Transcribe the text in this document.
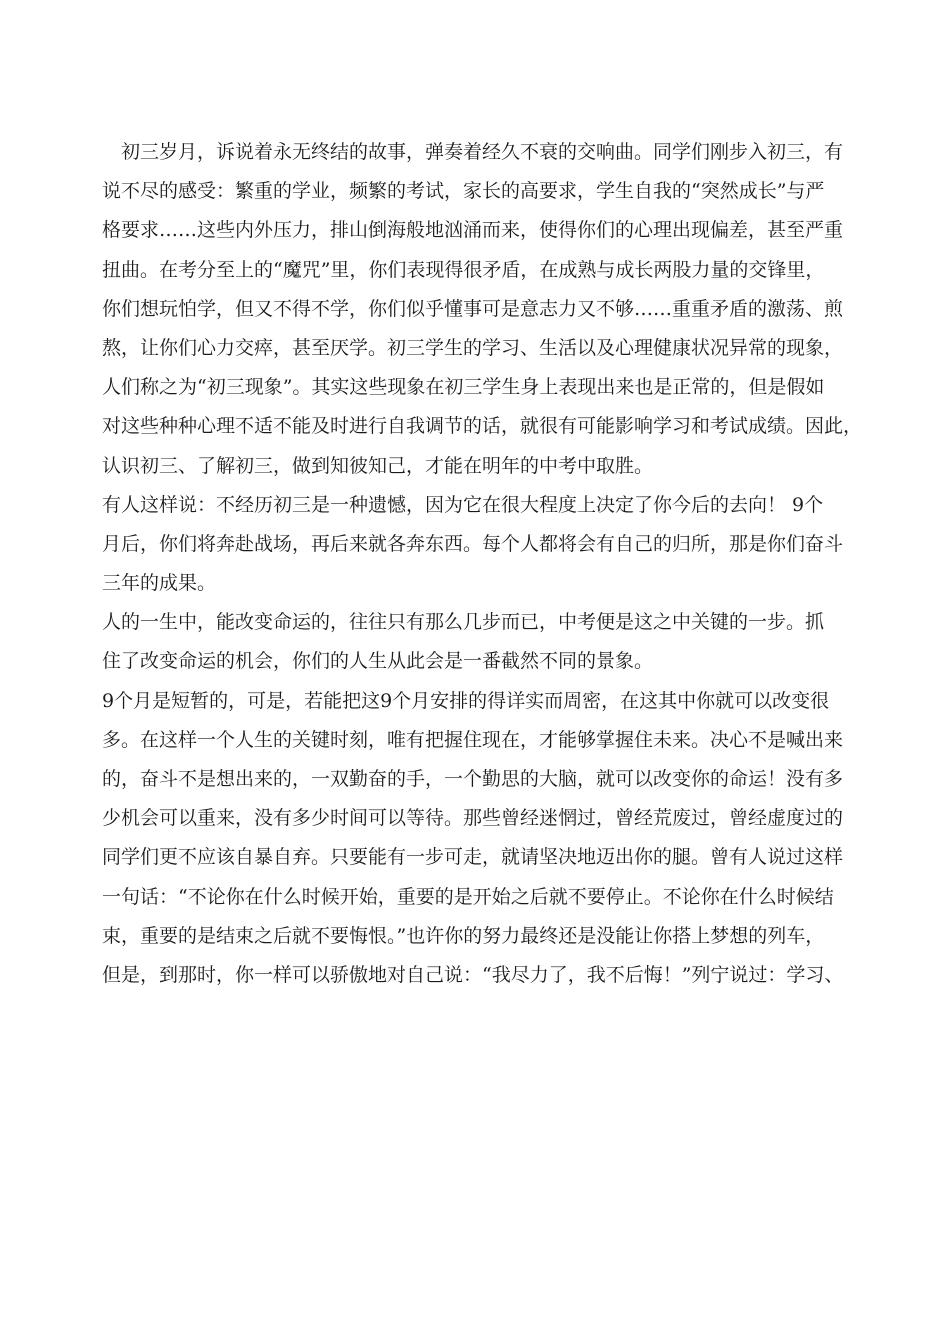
　初三岁月，诉说着永无终结的故事，弹奏着经久不衰的交响曲。同学们刚步入初三，有
说不尽的感受：繁重的学业，频繁的考试，家长的高要求，学生自我的“突然成长”与严
格要求……这些内外压力，排山倒海般地汹涌而来，使得你们的心理出现偏差，甚至严重
扭曲。在考分至上的“魔咒”里，你们表现得很矛盾，在成熟与成长两股力量的交锋里，
你们想玩怕学，但又不得不学，你们似乎懂事可是意志力又不够……重重矛盾的激荡、煎
熬，让你们心力交瘁，甚至厌学。初三学生的学习、生活以及心理健康状况异常的现象，
人们称之为“初三现象”。其实这些现象在初三学生身上表现出来也是正常的，但是假如
对这些种种心理不适不能及时进行自我调节的话，就很有可能影响学习和考试成绩。因此，
认识初三、了解初三，做到知彼知己，才能在明年的中考中取胜。
有人这样说：不经历初三是一种遗憾，因为它在很大程度上决定了你今后的去向！ 9个
月后，你们将奔赴战场，再后来就各奔东西。每个人都将会有自己的归所，那是你们奋斗
三年的成果。
人的一生中，能改变命运的，往往只有那么几步而已，中考便是这之中关键的一步。抓
住了改变命运的机会，你们的人生从此会是一番截然不同的景象。
9个月是短暂的，可是，若能把这9个月安排的得详实而周密，在这其中你就可以改变很
多。在这样一个人生的关键时刻，唯有把握住现在，才能够掌握住未来。决心不是喊出来
的，奋斗不是想出来的，一双勤奋的手，一个勤思的大脑，就可以改变你的命运！没有多
少机会可以重来，没有多少时间可以等待。那些曾经迷惘过，曾经荒废过，曾经虚度过的
同学们更不应该自暴自弃。只要能有一步可走，就请坚决地迈出你的腿。曾有人说过这样
一句话：“不论你在什么时候开始，重要的是开始之后就不要停止。不论你在什么时候结
束，重要的是结束之后就不要悔恨。”也许你的努力最终还是没能让你搭上梦想的列车，
但是，到那时，你一样可以骄傲地对自己说：“我尽力了，我不后悔！”列宁说过：学习、
